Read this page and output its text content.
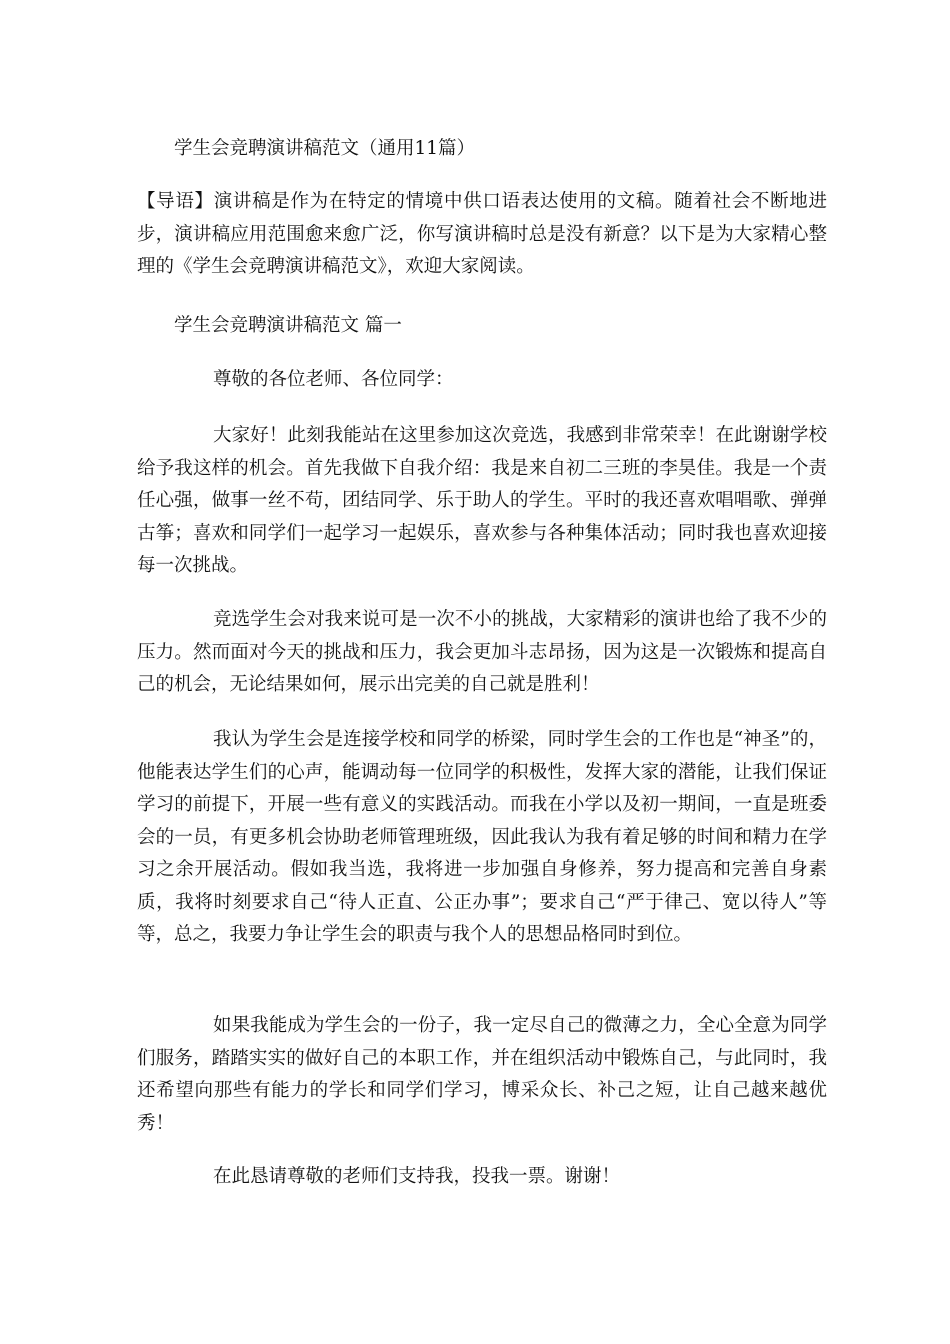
学生会竞聘演讲稿范文（通用11篇）

【导语】演讲稿是作为在特定的情境中供口语表达使用的文稿。随着社会不断地进步，演讲稿应用范围愈来愈广泛，你写演讲稿时总是没有新意？以下是为大家精心整理的《学生会竞聘演讲稿范文》，欢迎大家阅读。

学生会竞聘演讲稿范文 篇一

尊敬的各位老师、各位同学：

大家好！此刻我能站在这里参加这次竞选，我感到非常荣幸！在此谢谢学校给予我这样的机会。首先我做下自我介绍：我是来自初二三班的李昊佳。我是一个责任心强，做事一丝不苟，团结同学、乐于助人的学生。平时的我还喜欢唱唱歌、弹弹古筝；喜欢和同学们一起学习一起娱乐，喜欢参与各种集体活动；同时我也喜欢迎接每一次挑战。

竞选学生会对我来说可是一次不小的挑战，大家精彩的演讲也给了我不少的压力。然而面对今天的挑战和压力，我会更加斗志昂扬，因为这是一次锻炼和提高自己的机会，无论结果如何，展示出完美的自己就是胜利！

我认为学生会是连接学校和同学的桥梁，同时学生会的工作也是“神圣”的，他能表达学生们的心声，能调动每一位同学的积极性，发挥大家的潜能，让我们保证学习的前提下，开展一些有意义的实践活动。而我在小学以及初一期间，一直是班委会的一员，有更多机会协助老师管理班级，因此我认为我有着足够的时间和精力在学习之余开展活动。假如我当选，我将进一步加强自身修养，努力提高和完善自身素质，我将时刻要求自己“待人正直、公正办事”；要求自己“严于律己、宽以待人”等等，总之，我要力争让学生会的职责与我个人的思想品格同时到位。

如果我能成为学生会的一份子，我一定尽自己的微薄之力，全心全意为同学们服务，踏踏实实的做好自己的本职工作，并在组织活动中锻炼自己，与此同时，我还希望向那些有能力的学长和同学们学习，博采众长、补己之短，让自己越来越优秀！

在此恳请尊敬的老师们支持我，投我一票。谢谢！
